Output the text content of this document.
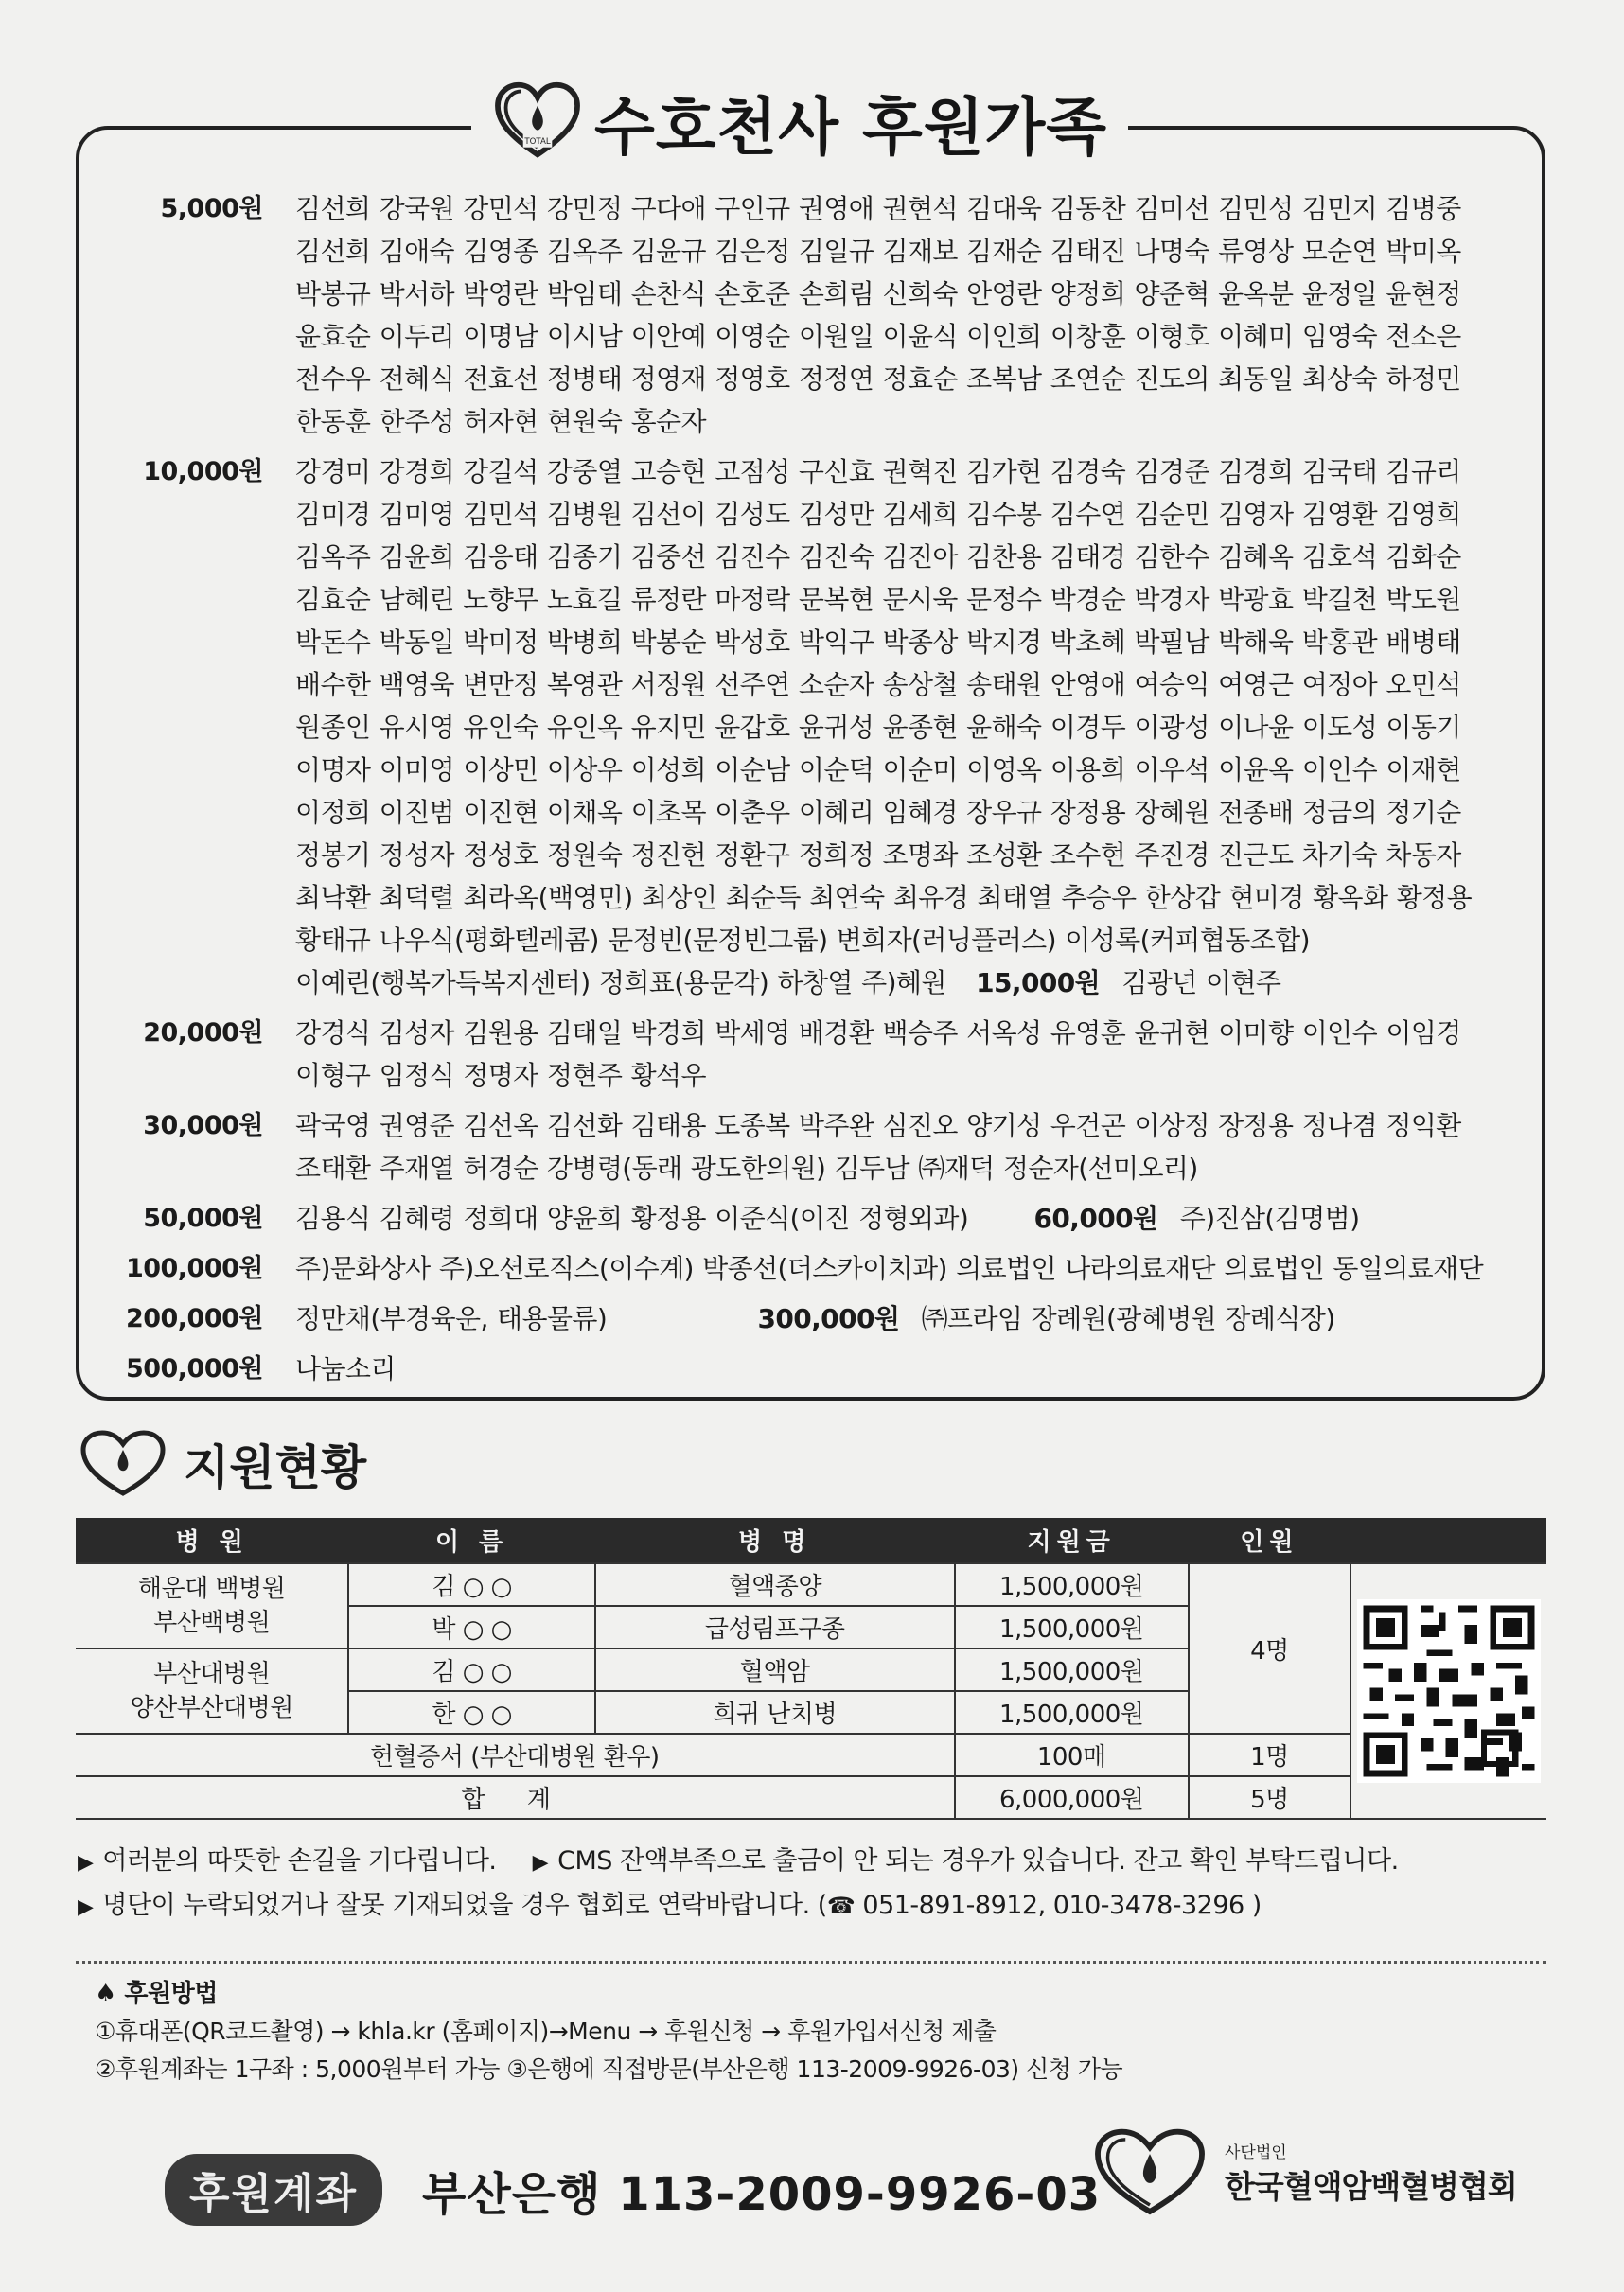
TOTAL 수호천사 후원가족
5,000원 김선희 강국원 강민석 강민정 구다애 구인규 권영애 권현석 김대욱 김동찬 김미선 김민성 김민지 김병중
김선희 김애숙 김영종 김옥주 김윤규 김은정 김일규 김재보 김재순 김태진 나명숙 류영상 모순연 박미옥
박봉규 박서하 박영란 박임태 손찬식 손호준 손희림 신희숙 안영란 양정희 양준혁 윤옥분 윤정일 윤현정
윤효순 이두리 이명남 이시남 이안예 이영순 이원일 이윤식 이인희 이창훈 이형호 이혜미 임영숙 전소은
전수우 전혜식 전효선 정병태 정영재 정영호 정정연 정효순 조복남 조연순 진도의 최동일 최상숙 하정민
한동훈 한주성 허자현 현원숙 홍순자
10,000원 강경미 강경희 강길석 강중열 고승현 고점성 구신효 권혁진 김가현 김경숙 김경준 김경희 김국태 김규리
김미경 김미영 김민석 김병원 김선이 김성도 김성만 김세희 김수봉 김수연 김순민 김영자 김영환 김영희
김옥주 김윤희 김응태 김종기 김중선 김진수 김진숙 김진아 김찬용 김태경 김한수 김혜옥 김호석 김화순
김효순 남혜린 노향무 노효길 류정란 마정락 문복현 문시욱 문정수 박경순 박경자 박광효 박길천 박도원
박돈수 박동일 박미정 박병희 박봉순 박성호 박익구 박종상 박지경 박초혜 박필남 박해욱 박홍관 배병태
배수한 백영욱 변만정 복영관 서정원 선주연 소순자 송상철 송태원 안영애 여승익 여영근 여정아 오민석
원종인 유시영 유인숙 유인옥 유지민 윤갑호 윤귀성 윤종현 윤해숙 이경두 이광성 이나윤 이도성 이동기
이명자 이미영 이상민 이상우 이성희 이순남 이순덕 이순미 이영옥 이용희 이우석 이윤옥 이인수 이재현
이정희 이진범 이진현 이채옥 이초목 이춘우 이혜리 임혜경 장우규 장정용 장혜원 전종배 정금의 정기순
정봉기 정성자 정성호 정원숙 정진헌 정환구 정희정 조명좌 조성환 조수현 주진경 진근도 차기숙 차동자
최낙환 최덕렬 최라옥(백영민) 최상인 최순득 최연숙 최유경 최태열 추승우 한상갑 현미경 황옥화 황정용
황태규 나우식(평화텔레콤) 문정빈(문정빈그룹) 변희자(러닝플러스) 이성록(커피협동조합)
이예린(행복가득복지센터) 정희표(용문각) 하창열 주)혜원 15,000원 김광년 이현주
20,000원 강경식 김성자 김원용 김태일 박경희 박세영 배경환 백승주 서옥성 유영훈 윤귀현 이미향 이인수 이임경
이형구 임정식 정명자 정현주 황석우
30,000원 곽국영 권영준 김선옥 김선화 김태용 도종복 박주완 심진오 양기성 우건곤 이상정 장정용 정나겸 정익환
조태환 주재열 허경순 강병령(동래 광도한의원) 김두남 ㈜재덕 정순자(선미오리)
50,000원 김용식 김혜령 정희대 양윤희 황정용 이준식(이진 정형외과) 60,000원 주)진삼(김명범)
100,000원 주)문화상사 주)오션로직스(이수계) 박종선(더스카이치과) 의료법인 나라의료재단 의료법인 동일의료재단
200,000원 정만채(부경육운, 태용물류)	300,000원 ㈜프라임 장례원(광혜병원 장례식장)
500,000원 나눔소리
지원현황
병 원	이 름	병 명	지원금	인원	
해운대 백병원
부산백병원	김 ○ ○	혈액종양	1,500,000원	4명	

	박 ○ ○	급성림프구종	1,500,000원		
부산대병원
양산부산대병원	김 ○ ○	혈액암	1,500,000원		
	한 ○ ○	희귀 난치병	1,500,000원		
헌혈증서 (부산대병원 환우)			100매	1명	
합 계			6,000,000원	5명	
▶ 여러분의 따뜻한 손길을 기다립니다. ▶ CMS 잔액부족으로 출금이 안 되는 경우가 있습니다. 잔고 확인 부탁드립니다.
▶ 명단이 누락되었거나 잘못 기재되었을 경우 협회로 연락바랍니다. (☎ 051-891-8912, 010-3478-3296 )
♠ 후원방법
①휴대폰(QR코드촬영) → khla.kr (홈페이지)→Menu → 후원신청 → 후원가입서신청 제출
②후원계좌는 1구좌 : 5,000원부터 가능 ③은행에 직접방문(부산은행 113-2009-9926-03) 신청 가능
후원계좌	부산은행 113-2009-9926-03
사단법인
한국혈액암백혈병협회
